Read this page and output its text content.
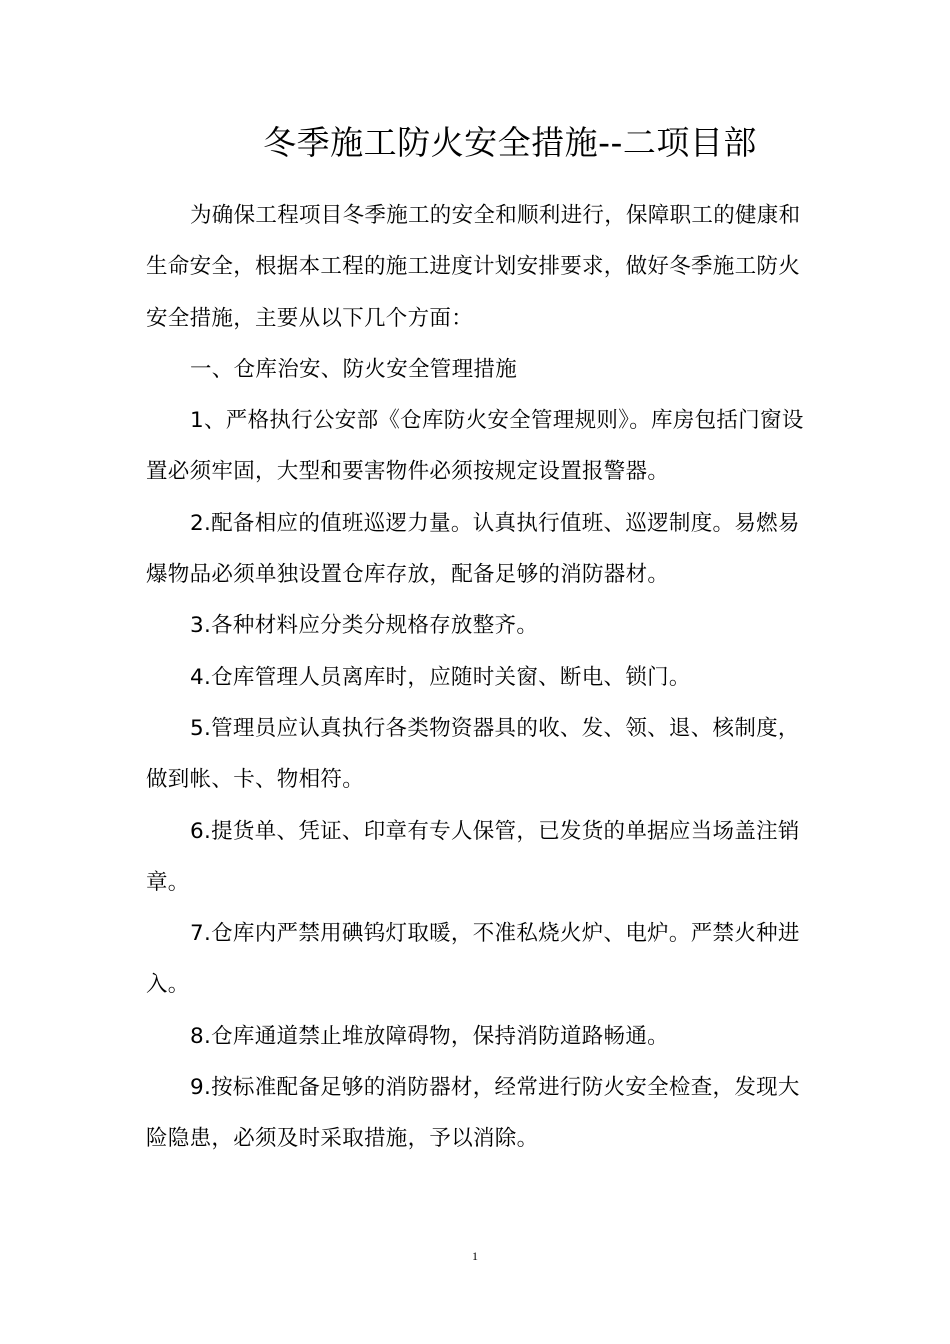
冬季施工防火安全措施--二项目部

为确保工程项目冬季施工的安全和顺利进行，保障职工的健康和生命安全，根据本工程的施工进度计划安排要求，做好冬季施工防火安全措施，主要从以下几个方面：

一、仓库治安、防火安全管理措施

1、严格执行公安部《仓库防火安全管理规则》。库房包括门窗设置必须牢固，大型和要害物件必须按规定设置报警器。

2.配备相应的值班巡逻力量。认真执行值班、巡逻制度。易燃易爆物品必须单独设置仓库存放，配备足够的消防器材。

3.各种材料应分类分规格存放整齐。

4.仓库管理人员离库时，应随时关窗、断电、锁门。

5.管理员应认真执行各类物资器具的收、发、领、退、核制度，做到帐、卡、物相符。

6.提货单、凭证、印章有专人保管，已发货的单据应当场盖注销章。

7.仓库内严禁用碘钨灯取暖，不准私烧火炉、电炉。严禁火种进入。

8.仓库通道禁止堆放障碍物，保持消防道路畅通。

9.按标准配备足够的消防器材，经常进行防火安全检查，发现大险隐患，必须及时采取措施，予以消除。

1
